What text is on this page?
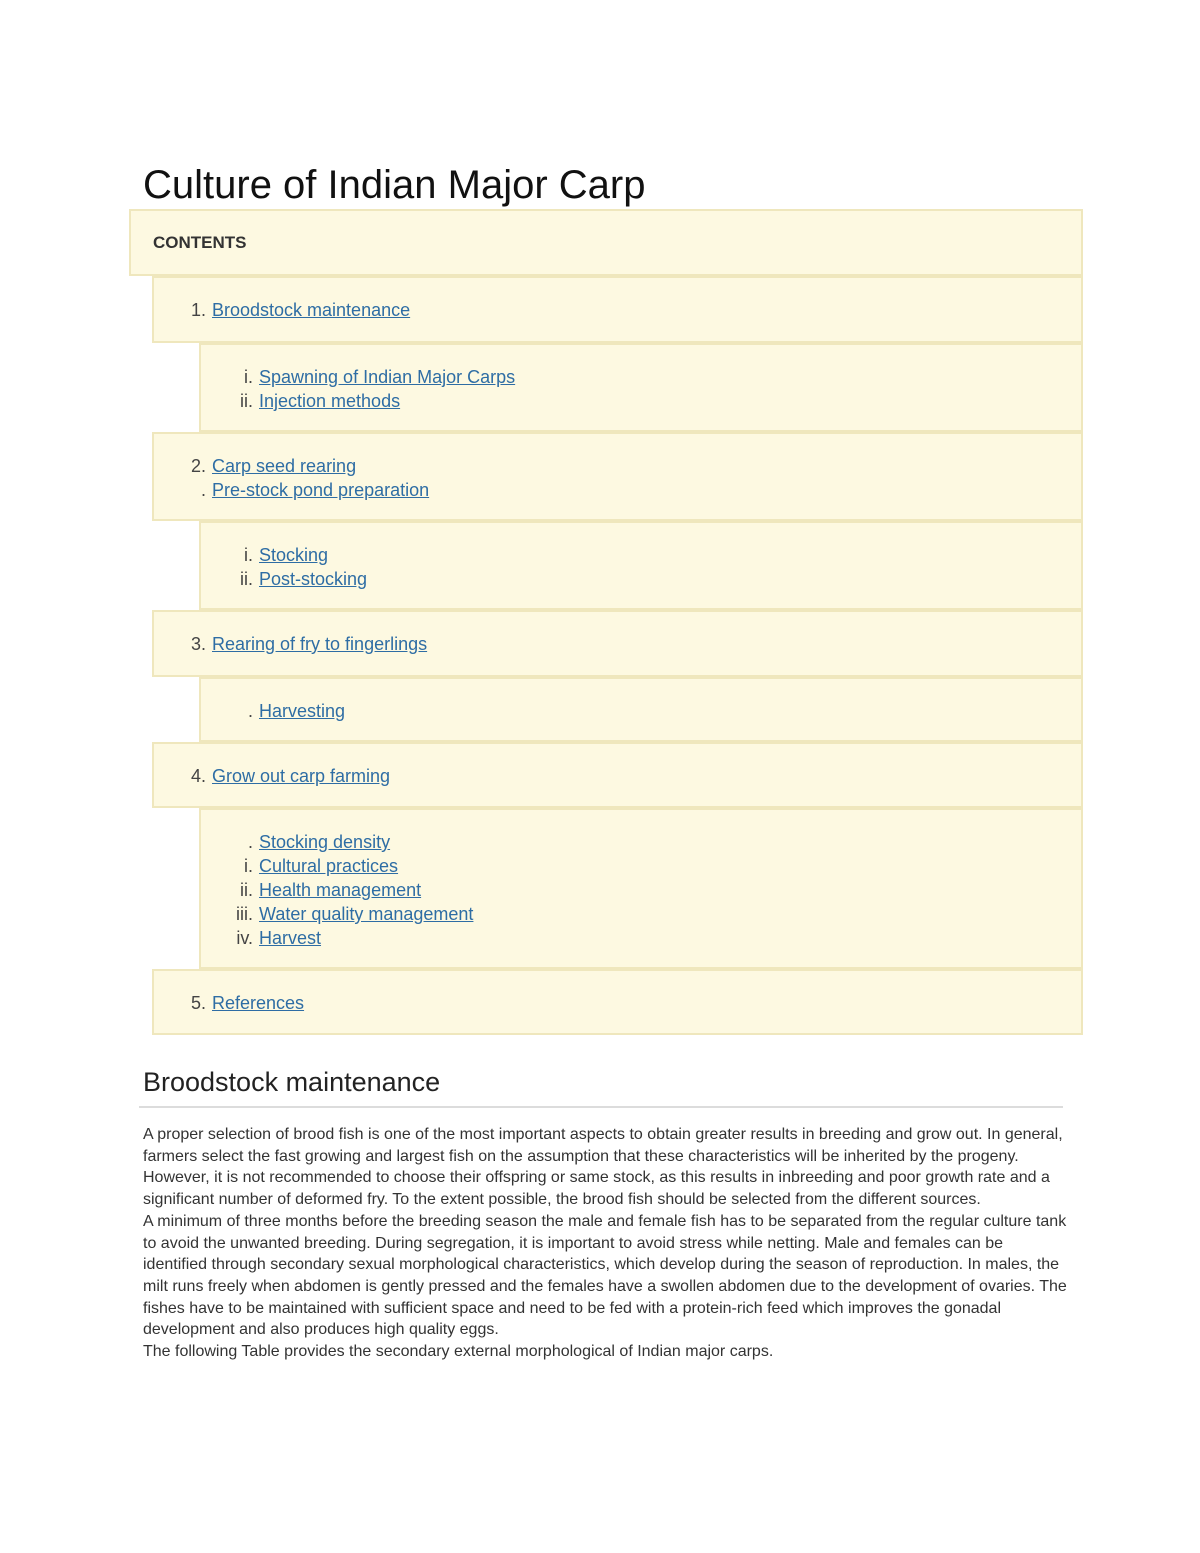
Culture of Indian Major Carp
CONTENTS
1. Broodstock maintenance
i. Spawning of Indian Major Carps
ii. Injection methods
2. Carp seed rearing
. Pre-stock pond preparation
i. Stocking
ii. Post-stocking
3. Rearing of fry to fingerlings
. Harvesting
4. Grow out carp farming
. Stocking density
i. Cultural practices
ii. Health management
iii. Water quality management
iv. Harvest
5. References
Broodstock maintenance

A proper selection of brood fish is one of the most important aspects to obtain greater results in breeding and grow out. In general, farmers select the fast growing and largest fish on the assumption that these characteristics will be inherited by the progeny. However, it is not recommended to choose their offspring or same stock, as this results in inbreeding and poor growth rate and a significant number of deformed fry. To the extent possible, the brood fish should be selected from the different sources.

A minimum of three months before the breeding season the male and female fish has to be separated from the regular culture tank to avoid the unwanted breeding. During segregation, it is important to avoid stress while netting. Male and females can be identified through secondary sexual morphological characteristics, which develop during the season of reproduction. In males, the milt runs freely when abdomen is gently pressed and the females have a swollen abdomen due to the development of ovaries. The fishes have to be maintained with sufficient space and need to be fed with a protein-rich feed which improves the gonadal development and also produces high quality eggs.

The following Table provides the secondary external morphological of Indian major carps.
